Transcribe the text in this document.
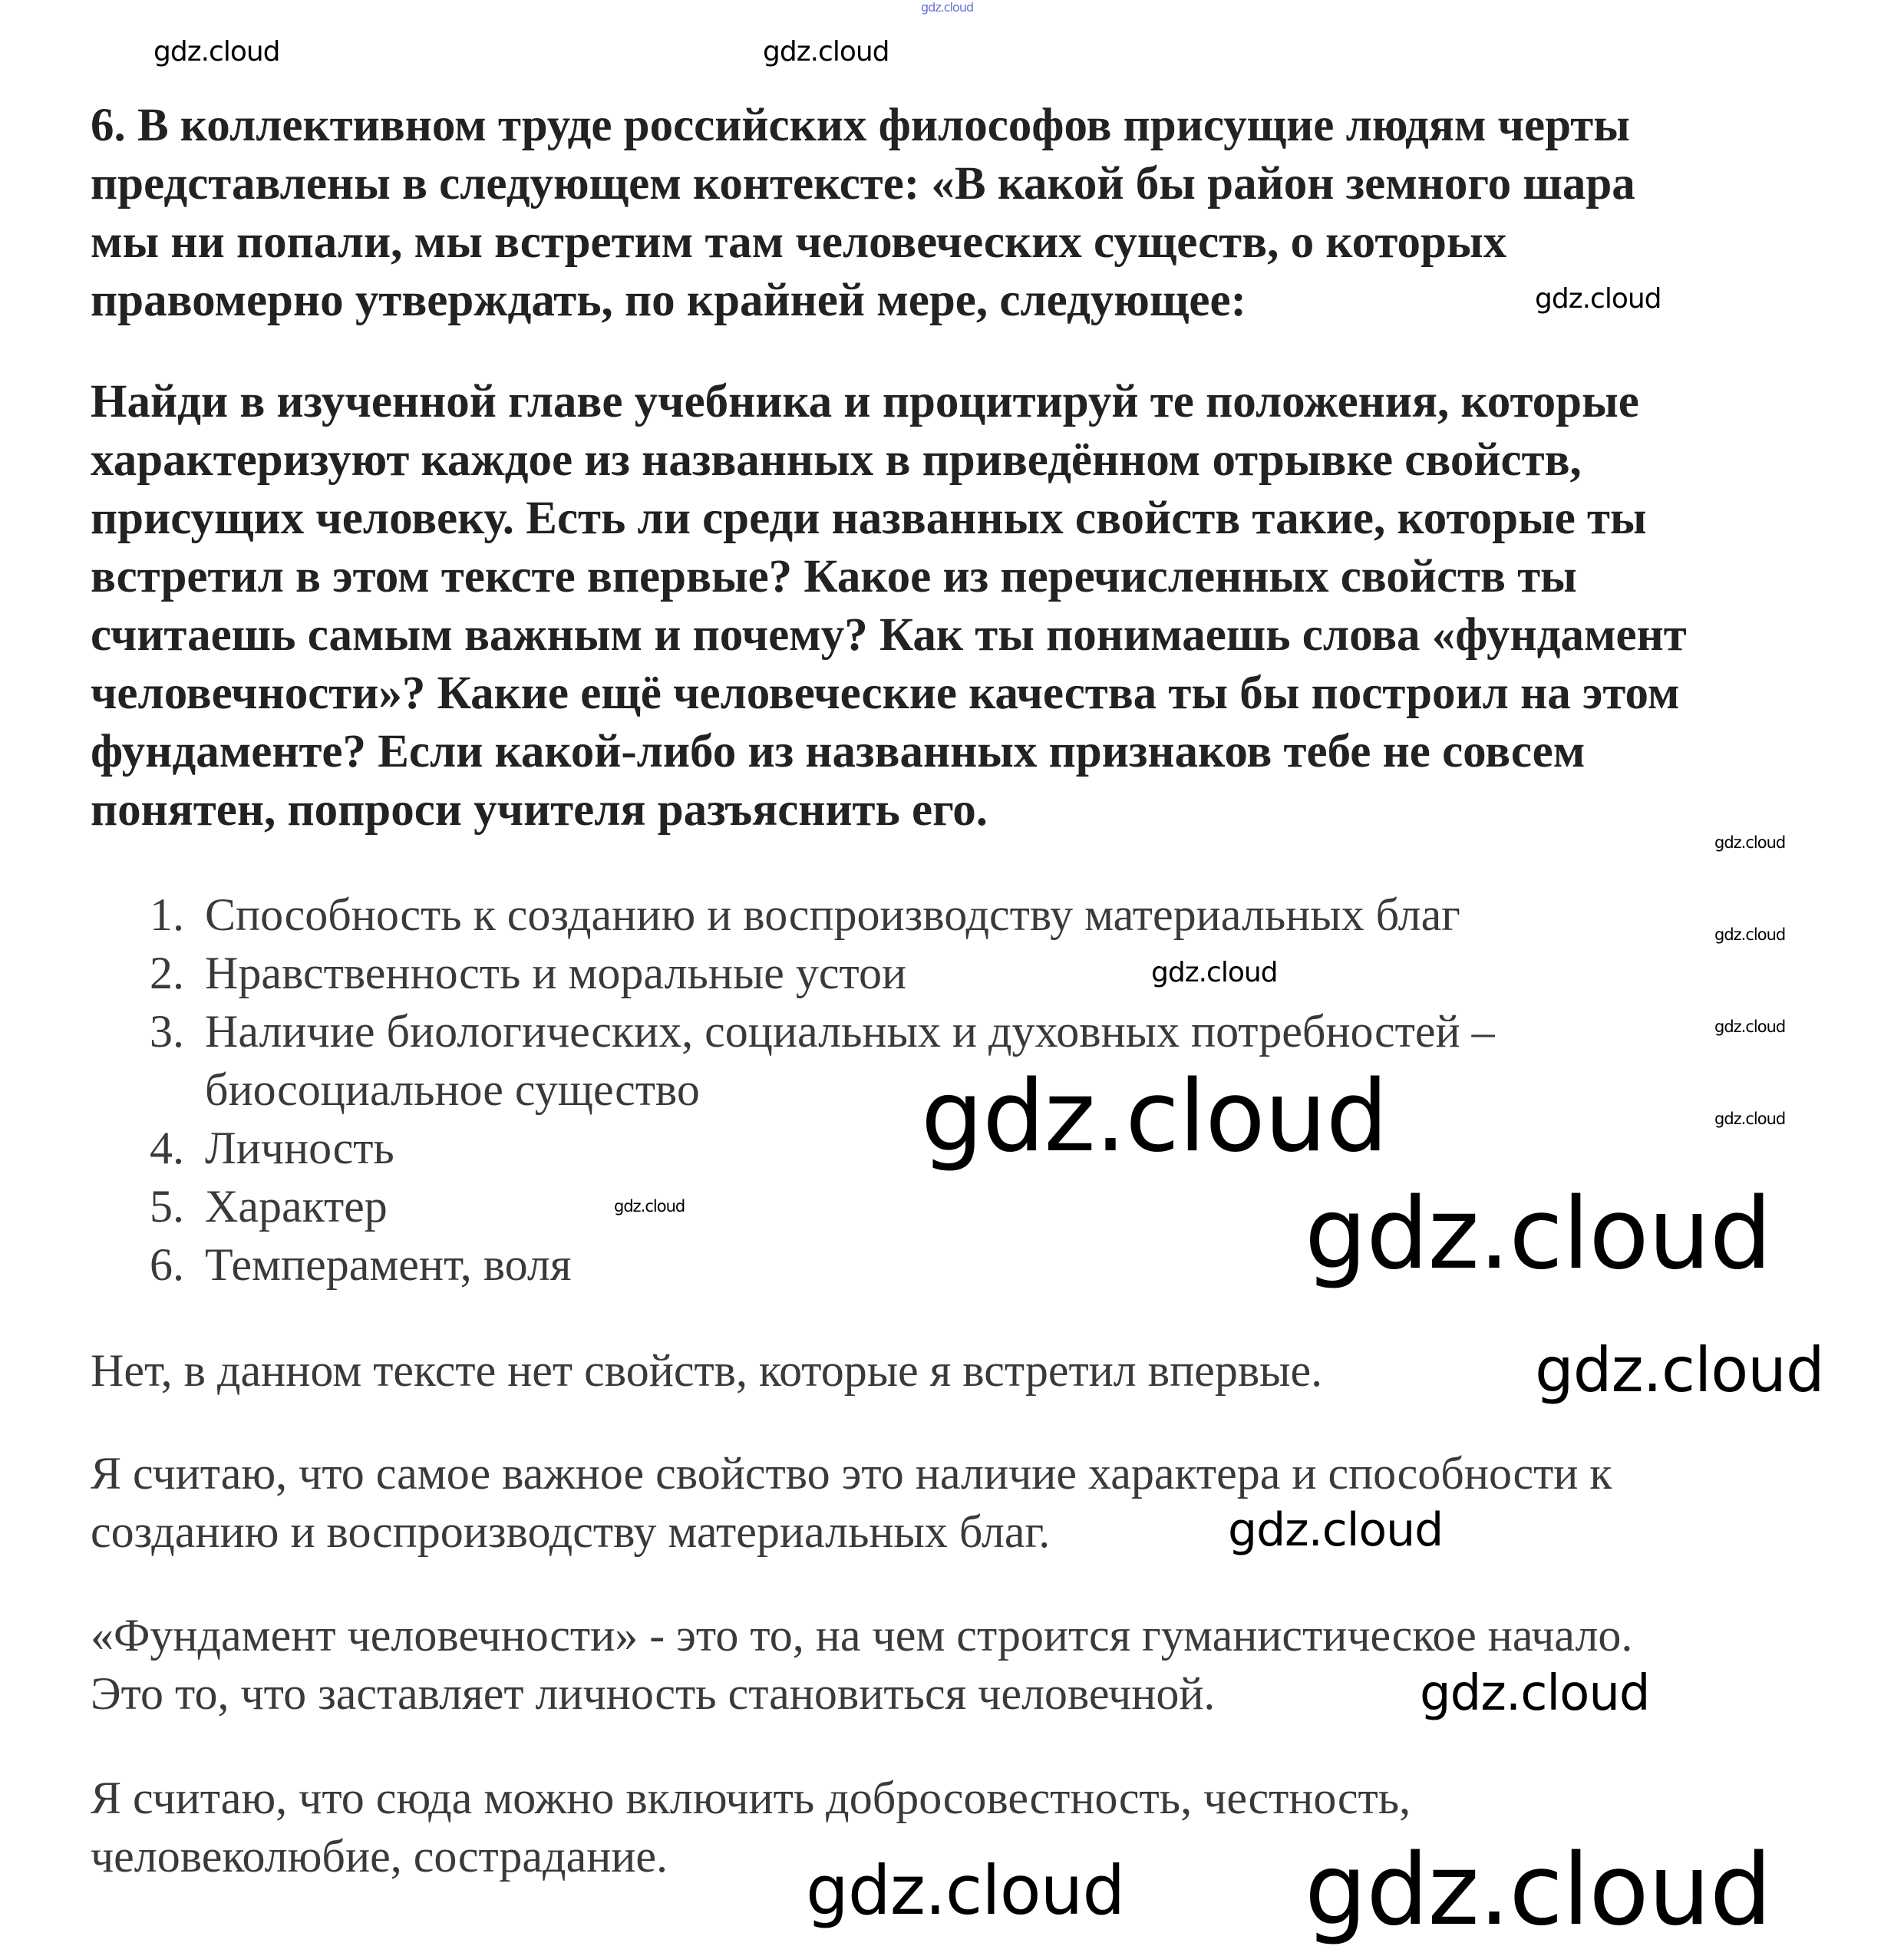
gdz.cloud
6. В коллективном труде российских философов присущие людям черты
представлены в следующем контексте: «В какой бы район земного шара
мы ни попали, мы встретим там человеческих существ, о которых
правомерно утверждать, по крайней мере, следующее:
Найди в изученной главе учебника и процитируй те положения, которые
характеризуют каждое из названных в приведённом отрывке свойств,
присущих человеку. Есть ли среди названных свойств такие, которые ты
встретил в этом тексте впервые? Какое из перечисленных свойств ты
считаешь самым важным и почему? Как ты понимаешь слова «фундамент
человечности»? Какие ещё человеческие качества ты бы построил на этом
фундаменте? Если какой-либо из названных признаков тебе не совсем
понятен, попроси учителя разъяснить его.
1. Способность к созданию и воспроизводству материальных благ
2. Нравственность и моральные устои
3. Наличие биологических, социальных и духовных потребностей –
биосоциальное существо
4. Личность
5. Характер
6. Темперамент, воля
Нет, в данном тексте нет свойств, которые я встретил впервые.
Я считаю, что самое важное свойство это наличие характера и способности к
созданию и воспроизводству материальных благ.
«Фундамент человечности» - это то, на чем строится гуманистическое начало.
Это то, что заставляет личность становиться человечной.
Я считаю, что сюда можно включить добросовестность, честность,
человеколюбие, сострадание.
gdz.cloud
gdz.cloud
gdz.cloud
gdz.cloud
gdz.cloud
gdz.cloud
gdz.cloud
gdz.cloud
gdz.cloud
gdz.cloud
gdz.cloud
gdz.cloud
gdz.cloud
gdz.cloud
gdz.cloud gdz.cloud
